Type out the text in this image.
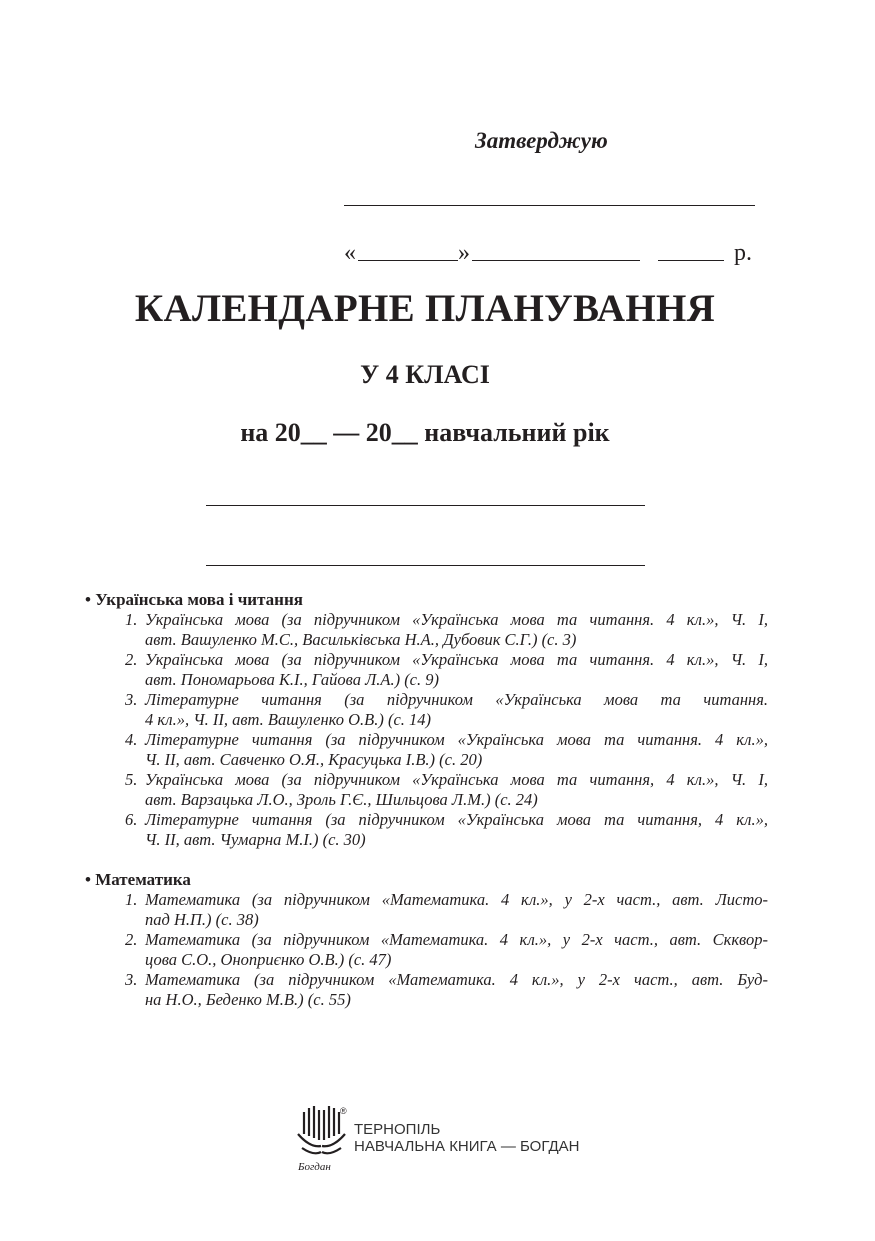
Затверджую
«	»	р.
КАЛЕНДАРНЕ ПЛАНУВАННЯ
У 4 КЛАСІ
на 20__ — 20__ навчальний рік
• Українська мова і читання
1. Українська мова (за підручником «Українська мова та читання. 4 кл.», Ч. І,
авт. Вашуленко М.С., Васильківська Н.А., Дубовик С.Г.) (с. 3)
2. Українська мова (за підручником «Українська мова та читання. 4 кл.», Ч. І,
авт. Пономарьова К.І., Гайова Л.А.) (с. 9)
3. Літературне читання (за підручником «Українська мова та читання.
4 кл.», Ч. ІІ, авт. Вашуленко О.В.) (с. 14)
4. Літературне читання (за підручником «Українська мова та читання. 4 кл.»,
Ч. ІІ, авт. Савченко О.Я., Красуцька І.В.) (с. 20)
5. Українська мова (за підручником «Українська мова та читання, 4 кл.», Ч. І,
авт. Варзацька Л.О., Зроль Г.Є., Шильцова Л.М.) (с. 24)
6. Літературне читання (за підручником «Українська мова та читання, 4 кл.»,
Ч. ІІ, авт. Чумарна М.І.) (с. 30)
• Математика
1. Математика (за підручником «Математика. 4 кл.», у 2-х част., авт. Листо-
пад Н.П.) (с. 38)
2. Математика (за підручником «Математика. 4 кл.», у 2-х част., авт. Скквор-
цова С.О., Оноприєнко О.В.) (с. 47)
3. Математика (за підручником «Математика. 4 кл.», у 2-х част., авт. Буд-
на Н.О., Беденко М.В.) (с. 55)
Богдан
®
ТЕРНОПІЛЬ
НАВЧАЛЬНА КНИГА — БОГДАН
